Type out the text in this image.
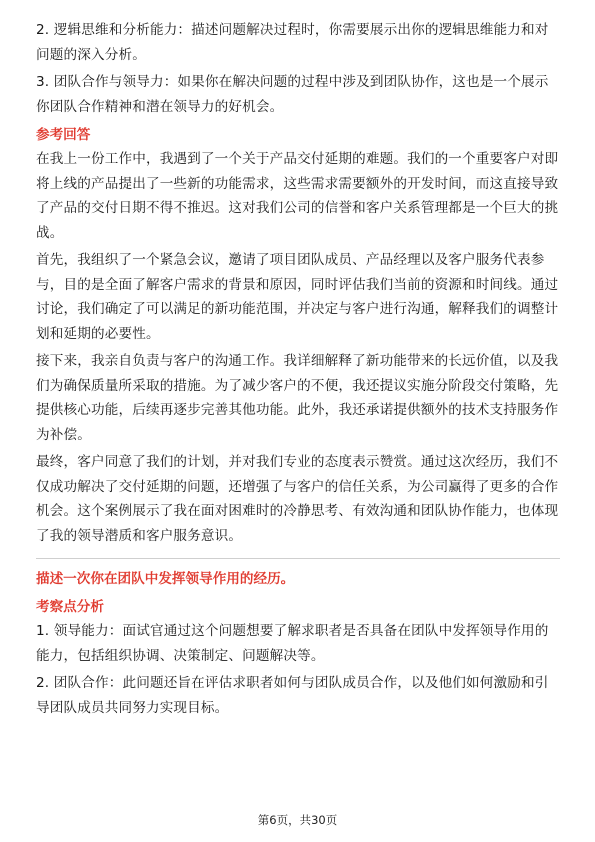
2. 逻辑思维和分析能力：描述问题解决过程时，你需要展示出你的逻辑思维能力和对问题的深入分析。

3. 团队合作与领导力：如果你在解决问题的过程中涉及到团队协作，这也是一个展示你团队合作精神和潜在领导力的好机会。

参考回答

在我上一份工作中，我遇到了一个关于产品交付延期的难题。我们的一个重要客户对即将上线的产品提出了一些新的功能需求，这些需求需要额外的开发时间，而这直接导致了产品的交付日期不得不推迟。这对我们公司的信誉和客户关系管理都是一个巨大的挑战。

首先，我组织了一个紧急会议，邀请了项目团队成员、产品经理以及客户服务代表参与，目的是全面了解客户需求的背景和原因，同时评估我们当前的资源和时间线。通过讨论，我们确定了可以满足的新功能范围，并决定与客户进行沟通，解释我们的调整计划和延期的必要性。

接下来，我亲自负责与客户的沟通工作。我详细解释了新功能带来的长远价值，以及我们为确保质量所采取的措施。为了减少客户的不便，我还提议实施分阶段交付策略，先提供核心功能，后续再逐步完善其他功能。此外，我还承诺提供额外的技术支持服务作为补偿。

最终，客户同意了我们的计划，并对我们专业的态度表示赞赏。通过这次经历，我们不仅成功解决了交付延期的问题，还增强了与客户的信任关系，为公司赢得了更多的合作机会。这个案例展示了我在面对困难时的冷静思考、有效沟通和团队协作能力，也体现了我的领导潜质和客户服务意识。

描述一次你在团队中发挥领导作用的经历。
考察点分析

1. 领导能力：面试官通过这个问题想要了解求职者是否具备在团队中发挥领导作用的能力，包括组织协调、决策制定、问题解决等。

2. 团队合作：此问题还旨在评估求职者如何与团队成员合作，以及他们如何激励和引导团队成员共同努力实现目标。

第6页，共30页
